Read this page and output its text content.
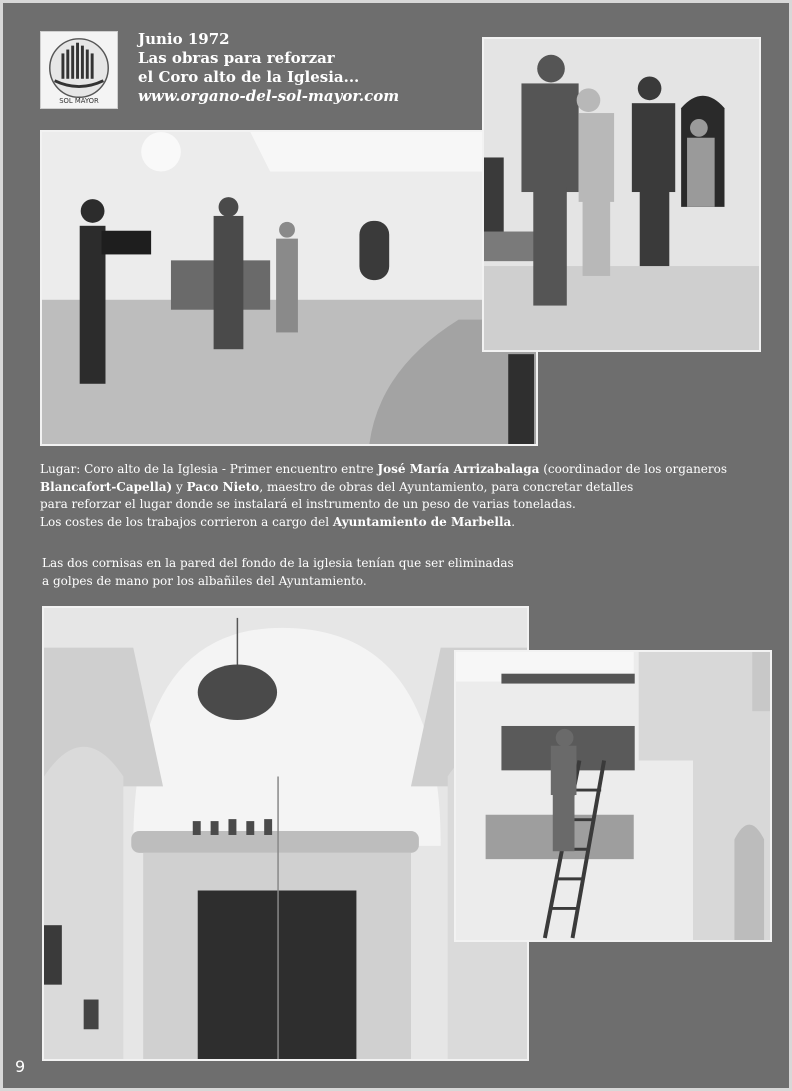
SOL MAYOR
Junio 1972
Las obras para reforzar
el Coro alto de la Iglesia...
www.organo-del-sol-mayor.com

Lugar: Coro alto de la Iglesia - Primer encuentro entre José María Arrizabalaga (coordinador de los organeros

Blancafort-Capella) y Paco Nieto, maestro de obras del Ayuntamiento, para concretar detalles

para reforzar el lugar donde se instalará el instrumento de un peso de varias toneladas.

Los costes de los trabajos corrieron a cargo del Ayuntamiento de Marbella.

Las dos cornisas en la pared del fondo de la iglesia tenían que ser eliminadas

a golpes de mano por los albañiles del Ayuntamiento.

9
